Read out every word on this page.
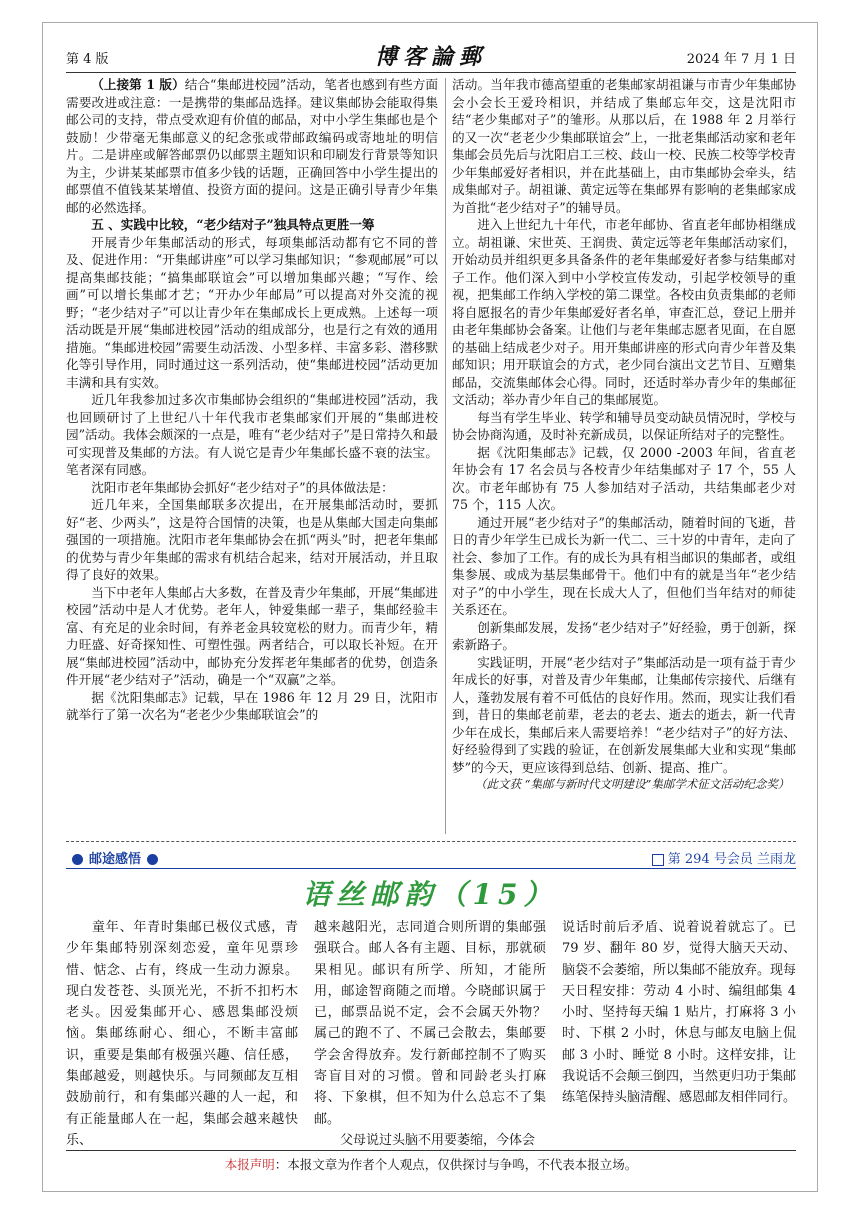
第 4 版	博客論郵	2024 年 7 月 1 日

（上接第 1 版）结合“集邮进校园”活动，笔者也感到有些方面需要改进或注意：一是携带的集邮品选择。建议集邮协会能取得集邮公司的支持，带点受欢迎有价值的邮品，对中小学生集邮也是个鼓励！少带毫无集邮意义的纪念张或带邮政编码或寄地址的明信片。二是讲座或解答邮票仍以邮票主题知识和印刷发行背景等知识为主，少讲某某邮票市值多少钱的话题，正确回答中小学生提出的邮票值不值钱某某增值、投资方面的提问。这是正确引导青少年集邮的必然选择。

五 、实践中比较，“老少结对子”独具特点更胜一筹

开展青少年集邮活动的形式，每项集邮活动都有它不同的普及、促进作用：“开集邮讲座”可以学习集邮知识；“参观邮展”可以提高集邮技能；“搞集邮联谊会”可以增加集邮兴趣；“写作、绘画”可以增长集邮才艺；“开办少年邮局”可以提高对外交流的视野；“老少结对子”可以让青少年在集邮成长上更成熟。上述每一项活动既是开展“集邮进校园”活动的组成部分，也是行之有效的通用措施。“集邮进校园”需要生动活泼、小型多样、丰富多彩、潜移默化等引导作用，同时通过这一系列活动，使“集邮进校园”活动更加丰满和具有实效。

近几年我参加过多次市集邮协会组织的“集邮进校园”活动，我也回顾研讨了上世纪八十年代我市老集邮家们开展的“集邮进校园”活动。我体会颇深的一点是，唯有“老少结对子”是日常持久和最可实现普及集邮的方法。有人说它是青少年集邮长盛不衰的法宝。笔者深有同感。

沈阳市老年集邮协会抓好“老少结对子”的具体做法是：

近几年来，全国集邮联多次提出，在开展集邮活动时，要抓好“老、少两头”，这是符合国情的决策，也是从集邮大国走向集邮强国的一项措施。沈阳市老年集邮协会在抓“两头”时，把老年集邮的优势与青少年集邮的需求有机结合起来，结对开展活动，并且取得了良好的效果。

当下中老年人集邮占大多数，在普及青少年集邮，开展“集邮进校园”活动中是人才优势。老年人，钟爱集邮一辈子，集邮经验丰富、有充足的业余时间，有养老金具较宽松的财力。而青少年，精力旺盛、好奇探知性、可塑性强。两者结合，可以取长补短。在开展“集邮进校园”活动中，邮协充分发挥老年集邮者的优势，创造条件开展“老少结对子”活动，确是一个“双赢”之举。

据《沈阳集邮志》记载，早在 1986 年 12 月 29 日，沈阳市就举行了第一次名为“老老少少集邮联谊会”的

活动。当年我市德高望重的老集邮家胡祖谦与市青少年集邮协会小会长王爱玲相识，并结成了集邮忘年交，这是沈阳市结“老少集邮对子”的雏形。从那以后，在 1988 年 2 月举行的又一次“老老少少集邮联谊会”上，一批老集邮活动家和老年集邮会员先后与沈阳启工三校、歧山一校、民族二校等学校青少年集邮爱好者相识，并在此基础上，由市集邮协会牵头，结成集邮对子。胡祖谦、黄定远等在集邮界有影响的老集邮家成为首批“老少结对子”的辅导员。

进入上世纪九十年代，市老年邮协、省直老年邮协相继成立。胡祖谦、宋世英、王润贵、黄定远等老年集邮活动家们，开始动员并组织更多具备条件的老年集邮爱好者参与结集邮对子工作。他们深入到中小学校宣传发动，引起学校领导的重视，把集邮工作纳入学校的第二课堂。各校由负责集邮的老师将自愿报名的青少年集邮爱好者名单，审查汇总，登记上册并由老年集邮协会备案。让他们与老年集邮志愿者见面，在自愿的基础上结成老少对子。用开集邮讲座的形式向青少年普及集邮知识；用开联谊会的方式，老少同台演出文艺节目、互赠集邮品，交流集邮体会心得。同时，还适时举办青少年的集邮征文活动；举办青少年自己的集邮展览。

每当有学生毕业、转学和辅导员变动缺员情况时，学校与协会协商沟通，及时补充新成员，以保证所结对子的完整性。

据《沈阳集邮志》记载，仅 2000 -2003 年间，省直老年协会有 17 名会员与各校青少年结集邮对子 17 个，55 人次。市老年邮协有 75 人参加结对子活动，共结集邮老少对 75 个，115 人次。

通过开展“老少结对子”的集邮活动，随着时间的飞逝，昔日的青少年学生已成长为新一代二、三十岁的中青年，走向了社会、参加了工作。有的成长为具有相当邮识的集邮者，或组集参展、或成为基层集邮骨干。他们中有的就是当年“老少结对子”的中小学生，现在长成大人了，但他们当年结对的师徒关系还在。

创新集邮发展，发扬“老少结对子”好经验，勇于创新，探索新路子。

实践证明，开展“老少结对子”集邮活动是一项有益于青少年成长的好事，对普及青少年集邮，让集邮传宗接代、后继有人，蓬勃发展有着不可低估的良好作用。然而，现实让我们看到，昔日的集邮老前辈，老去的老去、逝去的逝去，新一代青少年在成长，集邮后来人需要培养！“老少结对子”的好方法、好经验得到了实践的验证，在创新发展集邮大业和实现“集邮梦”的今天，更应该得到总结、创新、提高、推广。

（此文获 “集邮与新时代文明建设”集邮学术征文活动纪念奖）

邮途感悟	第 294 号会员 兰雨龙
语丝邮韵（15）

童年、年青时集邮已极仪式感，青少年集邮特别深刻恋爱，童年见票珍惜、惦念、占有，终成一生动力源泉。现白发苍苍、头顶光光，不折不扣朽木老头。因爱集邮开心、感恩集邮没烦恼。集邮练耐心、细心，不断丰富邮识，重要是集邮有极强兴趣、信任感，集邮越爱，则越快乐。与同频邮友互相鼓励前行，和有集邮兴趣的人一起，和有正能量邮人在一起，集邮会越来越快乐、

越来越阳光，志同道合则所谓的集邮强强联合。邮人各有主题、目标，那就硕果相见。邮识有所学、所知，才能所用，邮途智商随之而增。今晓邮识属于已，邮票品说不定，会不会属天外物？属己的跑不了、不属己会散去，集邮要学会舍得放弃。发行新邮控制不了购买寄盲目对的习惯。曾和同龄老头打麻将、下象棋，但不知为什么总忘不了集邮。

父母说过头脑不用要萎缩，今体会

说话时前后矛盾、说着说着就忘了。已 79 岁、翻年 80 岁，觉得大脑天天动、脑袋不会萎缩，所以集邮不能放弃。现每天日程安排：劳动 4 小时、编组邮集 4 小时、坚持每天编 1 贴片，打麻将 3 小时、下棋 2 小时，休息与邮友电脑上侃邮 3 小时、睡觉 8 小时。这样安排，让我说话不会颠三倒四，当然更归功于集邮练笔保持头脑清醒、感恩邮友相伴同行。

本报声明：本报文章为作者个人观点，仅供探讨与争鸣，不代表本报立场。
